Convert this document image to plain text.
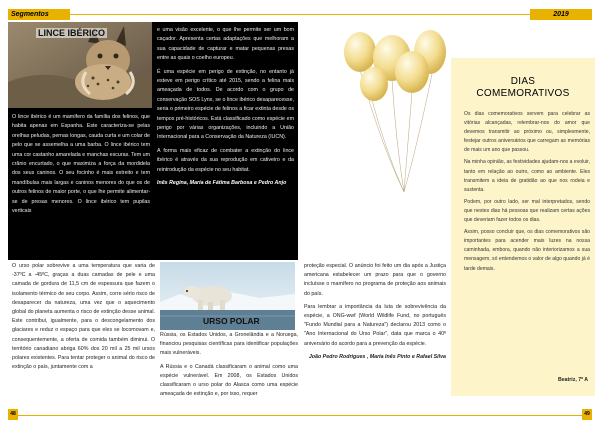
Segmentos	2019
LINCE IBÉRICO

O lince ibérico é um mamífero da família dos felinos, que habita apenas em Espanha. Este caracteriza-se pelas orelhas peludas, pernas longas, cauda curta e um colar de pelo que se assemelha a uma barba. O lince ibérico tem uma cor castanho amarelada e manchas escuras. Tem um crânio encurtado, o que maximiza a força da mordidela dos seus caninos. O seu focinho é mais estreito e tem mandíbulas mais largas e caninos menores do que os de outros felinos de maior porte, o que lhe permite alimentar-se de presas menores. O lince ibérico tem pupilas verticais

e uma visão excelente, o que lhe permite ser um bom caçador. Apresenta certas adaptações que melhoram a sua capacidade de capturar e matar pequenas presas entre as quais o coelho europeu.

É uma espécie em perigo de extinção, no entanto já esteve em perigo crítico até 2015, sendo a felina mais ameaçada de todos. De acordo com o grupo de conservação SOS Lynx, se o lince ibérico desaparecesse, seria o primeiro espécie de felinos a ficar extinta desde os tempos pré-históricos. Está classificado como espécie em perigo por várias organizações, incluindo a União Internacional para a Conservação da Natureza (IUCN).

A forma mais eficaz de combater a extinção do lince ibérico é através da sua reprodução em cativeiro e da reintrodução da espécie no seu habitat.

Inês Regina, Maria de Fátima Barbosa e Pedro Anjo

O urso polar sobrevive a uma temperatura que varia de -37ºC a -45ºC, graças a duas camadas de pele e uma camada de gordura de 11,5 cm de espessura que fazem o isolamento térmico de seu corpo. Assim, corre sério risco de desaparecer da natureza, uma vez que o aquecimento global do planeta aumenta o risco de extinção desse animal. Este contribui, igualmente, para o descongelamento dos glaciares e reduz o espaço para que eles se locomovam e, consequentemente, a oferta de comida também diminui. O território canadiano abriga 60% dos 20 mil a 25 mil ursos polares existentes. Para tentar proteger o animal do risco de extinção o país, juntamente com a

URSO POLAR

Rússia, os Estados Unidos, a Gronelândia e a Noruega, financiou pesquisas científicas para identificar populações mais vulneráveis.

A Rússia e o Canadá classificaram o animal como uma espécie vulnerável. Em 2008, os Estados Unidos classificaram o urso polar do Alasca como uma espécie ameaçada de extinção e, por isso, requer

proteção especial. O anúncio foi feito um dia após a Justiça americana estabelecer um prazo para que o governo incluísse o mamífero no programa de proteção aos animais do país.

Para lembrar a importância da luta de sobrevivência da espécie, a ONG-wwf (World Wildlife Fund, no português "Fundo Mundial para a Natureza") declarou 2013 como o "Ano Internacional do Urso Polar", data que marca o 40º aniversário do acordo para a prevenção da espécie.

João Pedro Rodrigues , Maria Inês Pinto e Rafael Silva

DIAS
COMEMORATIVOS

Os dias comemorativos servem para celebrar as vitórias alcançadas, relembrar-nos do amor que devemos transmitir ao próximo ou, simplesmente, festejar outros aniversários que carregam as memórias de mais um ano que passou.

Na minha opinião, as festividades ajudam-nos a evoluir, tanto em relação ao outro, como ao ambiente. Eles transmitem a ideia de gratidão ao que nos rodeia e sustenta.

Podem, por outro lado, ser mal interpretados, sendo que nestes dias há pessoas que realizam certas ações que deveriam fazer todos os dias.

Assim, posso concluir que, os dias comemorativos são importantes para acender mais luzes na nossa caminhada, embora, quando não interiorizamos a sua mensagem, só entendemos o valor de algo quando já é tarde demais.

Beatriz, 7º A
48	49
